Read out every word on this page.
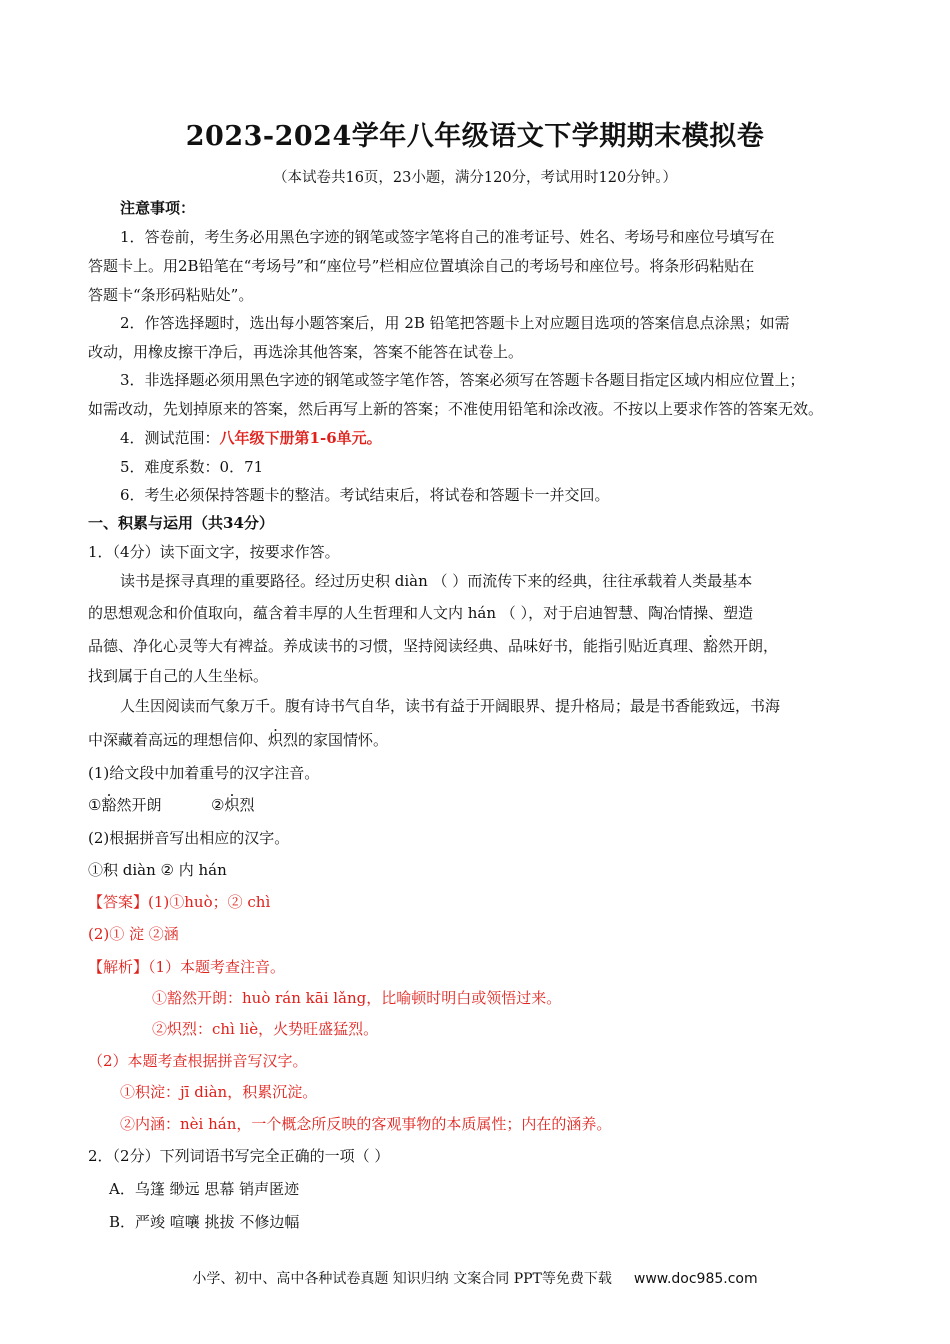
2023-2024学年八年级语文下学期期末模拟卷
（本试卷共16页，23小题，满分120分，考试用时120分钟。）
注意事项：
1．答卷前，考生务必用黑色字迹的钢笔或签字笔将自己的准考证号、姓名、考场号和座位号填写在
答题卡上。用2B铅笔在“考场号”和“座位号”栏相应位置填涂自己的考场号和座位号。将条形码粘贴在
答题卡“条形码粘贴处”。
2．作答选择题时，选出每小题答案后，用 2B 铅笔把答题卡上对应题目选项的答案信息点涂黑；如需
改动，用橡皮擦干净后，再选涂其他答案，答案不能答在试卷上。
3．非选择题必须用黑色字迹的钢笔或签字笔作答，答案必须写在答题卡各题目指定区域内相应位置上；
如需改动，先划掉原来的答案，然后再写上新的答案；不准使用铅笔和涂改液。不按以上要求作答的答案无效。
4．测试范围：八年级下册第1-6单元。
5．难度系数：0．71
6．考生必须保持答题卡的整洁。考试结束后，将试卷和答题卡一并交回。
一、积累与运用（共34分）
1．（4分）读下面文字，按要求作答。
读书是探寻真理的重要路径。经过历史积 diàn （ ）而流传下来的经典，往往承载着人类最基本
的思想观念和价值取向，蕴含着丰厚的人生哲理和人文内 hán （ ），对于启迪智慧、陶冶情操、塑造
品德、净化心灵等大有裨益。养成读书的习惯，坚持阅读经典、品味好书，能指引贴近真理、豁然开朗，
找到属于自己的人生坐标。
人生因阅读而气象万千。腹有诗书气自华，读书有益于开阔眼界、提升格局；最是书香能致远，书海
中深藏着高远的理想信仰、炽烈的家国情怀。
(1)给文段中加着重号的汉字注音。
①豁然开朗	②炽烈
(2)根据拼音写出相应的汉字。
①积 diàn ② 内 hán
【答案】(1)①huò；② chì
(2)① 淀 ②涵
【解析】（1）本题考查注音。
①豁然开朗：huò rán kāi lǎng，比喻顿时明白或领悟过来。
②炽烈：chì liè，火势旺盛猛烈。
（2）本题考查根据拼音写汉字。
①积淀：jī diàn，积累沉淀。
②内涵：nèi hán，一个概念所反映的客观事物的本质属性；内在的涵养。
2．（2分）下列词语书写完全正确的一项（ ）
A．乌篷 缈远 思幕 销声匿迹
B．严竣 喧嚷 挑拔 不修边幅
小学、初中、高中各种试卷真题 知识归纳 文案合同 PPT等免费下载 www.doc985.com
